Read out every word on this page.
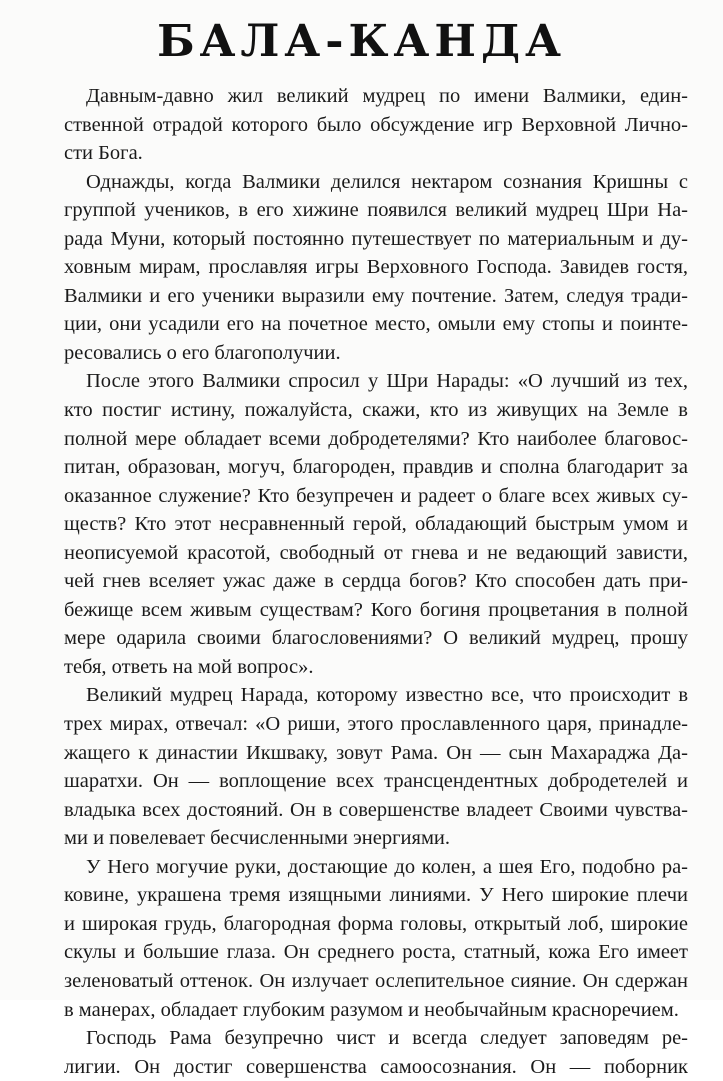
БАЛА-КАНДА
Давным-давно жил великий мудрец по имени Валмики, един-
ственной отрадой которого было обсуждение игр Верховной Лично-
сти Бога.
Однажды, когда Валмики делился нектаром сознания Кришны с
группой учеников, в его хижине появился великий мудрец Шри На-
рада Муни, который постоянно путешествует по материальным и ду-
ховным мирам, прославляя игры Верховного Господа. Завидев гостя,
Валмики и его ученики выразили ему почтение. Затем, следуя тради-
ции, они усадили его на почетное место, омыли ему стопы и поинте-
ресовались о его благополучии.
После этого Валмики спросил у Шри Нарады: «О лучший из тех,
кто постиг истину, пожалуйста, скажи, кто из живущих на Земле в
полной мере обладает всеми добродетелями? Кто наиболее благовос-
питан, образован, могуч, благороден, правдив и сполна благодарит за
оказанное служение? Кто безупречен и радеет о благе всех живых су-
ществ? Кто этот несравненный герой, обладающий быстрым умом и
неописуемой красотой, свободный от гнева и не ведающий зависти,
чей гнев вселяет ужас даже в сердца богов? Кто способен дать при-
бежище всем живым существам? Кого богиня процветания в полной
мере одарила своими благословениями? О великий мудрец, прошу
тебя, ответь на мой вопрос».
Великий мудрец Нарада, которому известно все, что происходит в
трех мирах, отвечал: «О риши, этого прославленного царя, принадле-
жащего к династии Икшваку, зовут Рама. Он — сын Махараджа Да-
шаратхи. Он — воплощение всех трансцендентных добродетелей и
владыка всех достояний. Он в совершенстве владеет Своими чувства-
ми и повелевает бесчисленными энергиями.
У Него могучие руки, достающие до колен, а шея Его, подобно ра-
ковине, украшена тремя изящными линиями. У Него широкие плечи
и широкая грудь, благородная форма головы, открытый лоб, широкие
скулы и большие глаза. Он среднего роста, статный, кожа Его имеет
зеленоватый оттенок. Он излучает ослепительное сияние. Он сдержан
в манерах, обладает глубоким разумом и необычайным красноречием.
Господь Рама безупречно чист и всегда следует заповедям ре-
лигии. Он достиг совершенства самоосознания. Он — поборник
